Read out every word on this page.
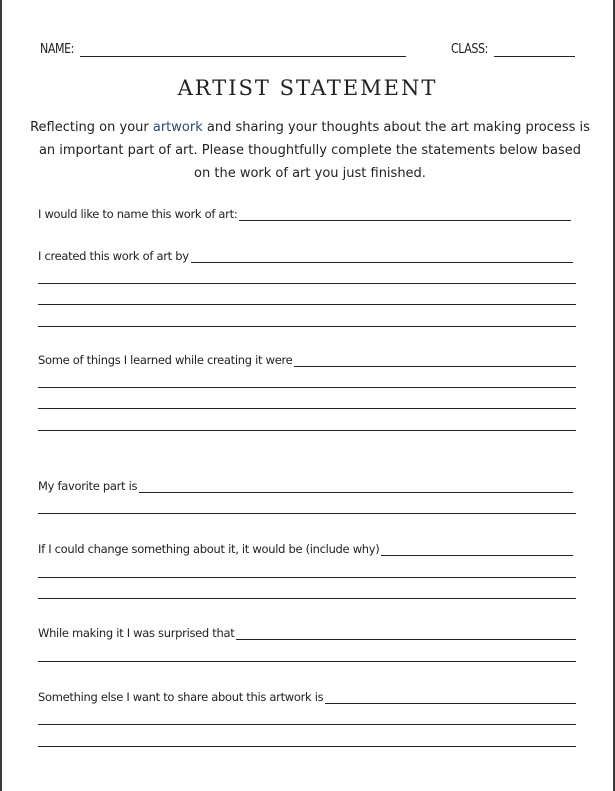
NAME:	CLASS:
ARTIST STATEMENT
Reflecting on your artwork and sharing your thoughts about the art making process is an important part of art. Please thoughtfully complete the statements below based on the work of art you just finished.
I would like to name this work of art:
I created this work of art by
Some of things I learned while creating it were
My favorite part is
If I could change something about it, it would be (include why)
While making it I was surprised that
Something else I want to share about this artwork is
